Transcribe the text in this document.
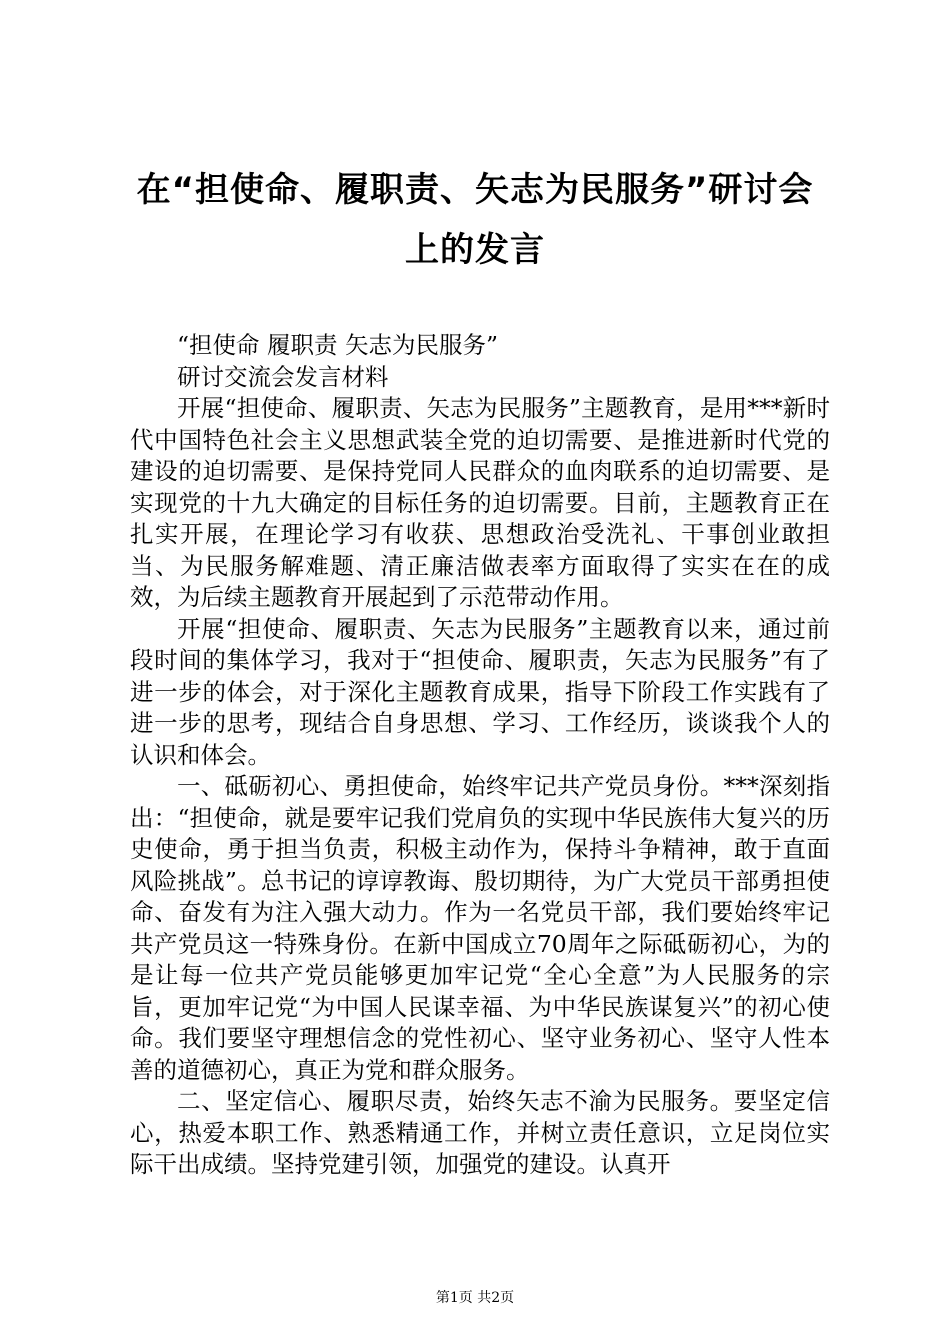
在“担使命、履职责、矢志为民服务”研讨会上的发言

“担使命 履职责 矢志为民服务”

研讨交流会发言材料

开展“担使命、履职责、矢志为民服务”主题教育，是用***新时代中国特色社会主义思想武装全党的迫切需要、是推进新时代党的建设的迫切需要、是保持党同人民群众的血肉联系的迫切需要、是实现党的十九大确定的目标任务的迫切需要。目前，主题教育正在扎实开展，在理论学习有收获、思想政治受洗礼、干事创业敢担当、为民服务解难题、清正廉洁做表率方面取得了实实在在的成效，为后续主题教育开展起到了示范带动作用。

开展“担使命、履职责、矢志为民服务”主题教育以来，通过前段时间的集体学习，我对于“担使命、履职责，矢志为民服务”有了进一步的体会，对于深化主题教育成果，指导下阶段工作实践有了进一步的思考，现结合自身思想、学习、工作经历，谈谈我个人的认识和体会。

一、砥砺初心、勇担使命，始终牢记共产党员身份。***深刻指出：“担使命，就是要牢记我们党肩负的实现中华民族伟大复兴的历史使命，勇于担当负责，积极主动作为，保持斗争精神，敢于直面风险挑战”。总书记的谆谆教诲、殷切期待，为广大党员干部勇担使命、奋发有为注入强大动力。作为一名党员干部，我们要始终牢记共产党员这一特殊身份。在新中国成立70周年之际砥砺初心，为的是让每一位共产党员能够更加牢记党“全心全意”为人民服务的宗旨，更加牢记党“为中国人民谋幸福、为中华民族谋复兴”的初心使命。我们要坚守理想信念的党性初心、坚守业务初心、坚守人性本善的道德初心，真正为党和群众服务。

二、坚定信心、履职尽责，始终矢志不渝为民服务。要坚定信心，热爱本职工作、熟悉精通工作，并树立责任意识，立足岗位实际干出成绩。坚持党建引领，加强党的建设。认真开

第1页 共2页
